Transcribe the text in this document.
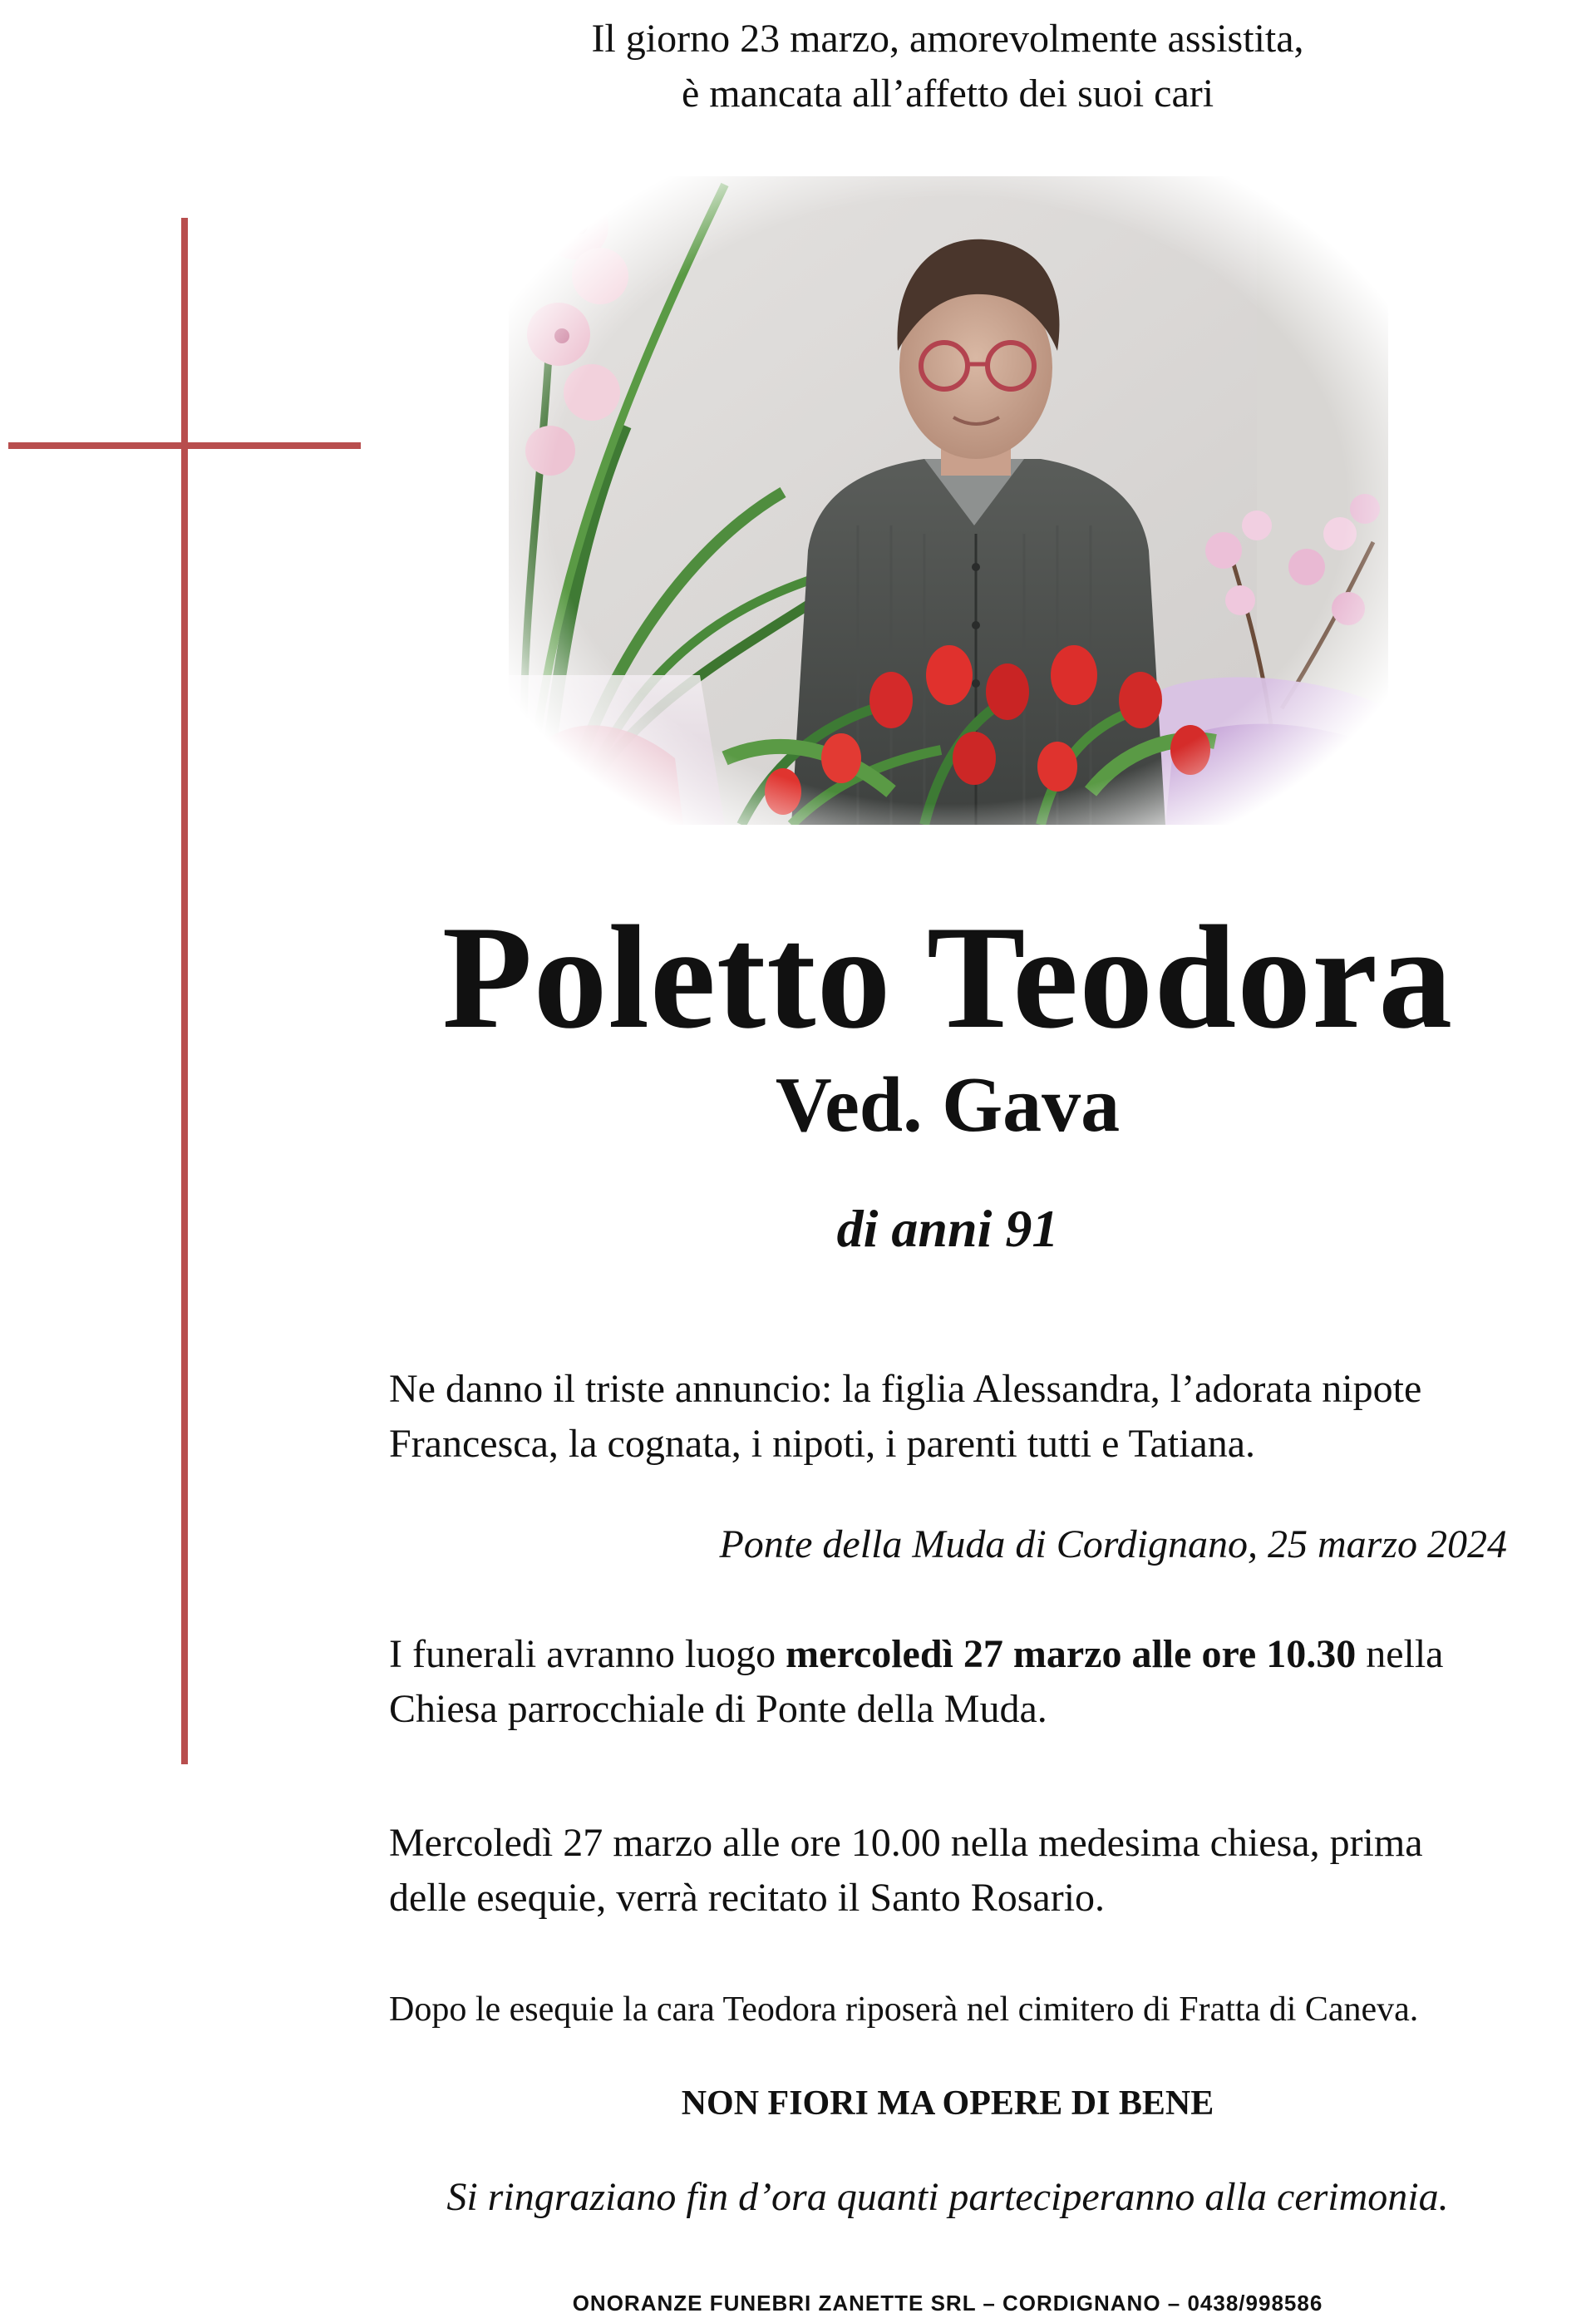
Il giorno 23 marzo, amorevolmente assistita,
è mancata all’affetto dei suoi cari
Poletto Teodora
Ved. Gava
di anni 91
Ne danno il triste annuncio: la figlia Alessandra, l’adorata nipote
Francesca, la cognata, i nipoti, i parenti tutti e Tatiana.
Ponte della Muda di Cordignano, 25 marzo 2024
I funerali avranno luogo mercoledì 27 marzo alle ore 10.30 nella
Chiesa parrocchiale di Ponte della Muda.
Mercoledì 27 marzo alle ore 10.00 nella medesima chiesa, prima
delle esequie, verrà recitato il Santo Rosario.
Dopo le esequie la cara Teodora riposerà nel cimitero di Fratta di Caneva.
NON FIORI MA OPERE DI BENE
Si ringraziano fin d’ora quanti parteciperanno alla cerimonia.
ONORANZE FUNEBRI ZANETTE SRL – CORDIGNANO – 0438/998586
